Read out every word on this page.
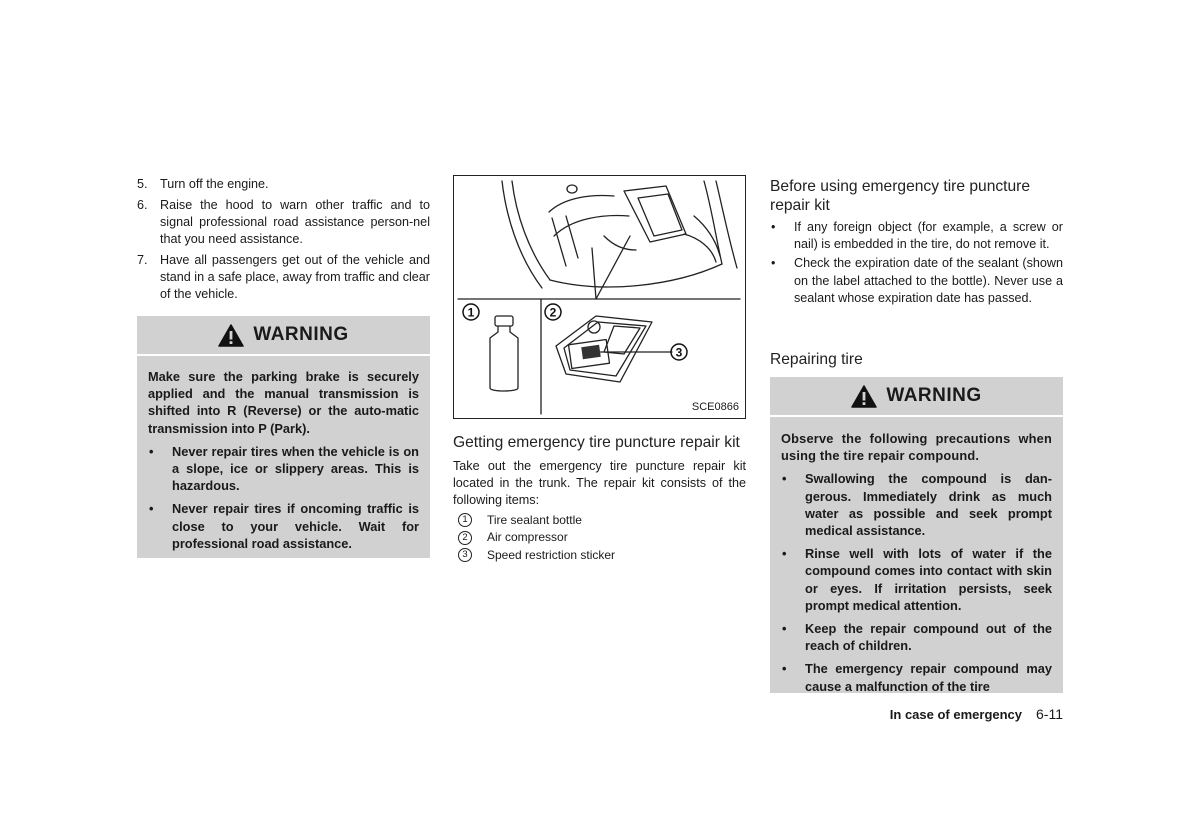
5. Turn off the engine.
6. Raise the hood to warn other traffic and to signal professional road assistance person-nel that you need assistance.
7. Have all passengers get out of the vehicle and stand in a safe place, away from traffic and clear of the vehicle.
WARNING

Make sure the parking brake is securely applied and the manual transmission is shifted into R (Reverse) or the auto-matic transmission into P (Park).

•	Never repair tires when the vehicle is on a slope, ice or slippery areas. This is hazardous.
•	Never repair tires if oncoming traffic is close to your vehicle. Wait for professional road assistance.
1	2
3
SCE0866
Getting emergency tire puncture repair kit
Take out the emergency tire puncture repair kit located in the trunk. The repair kit consists of the following items:
1	Tire sealant bottle
2	Air compressor
3	Speed restriction sticker
Before using emergency tire puncture repair kit
•	If any foreign object (for example, a screw or nail) is embedded in the tire, do not remove it.
•	Check the expiration date of the sealant (shown on the label attached to the bottle). Never use a sealant whose expiration date has passed.
Repairing tire
WARNING

Observe the following precautions when using the tire repair compound.

•	Swallowing the compound is dan-gerous. Immediately drink as much water as possible and seek prompt medical assistance.
•	Rinse well with lots of water if the compound comes into contact with skin or eyes. If irritation persists, seek prompt medical attention.
•	Keep the repair compound out of the reach of children.
•	The emergency repair compound may cause a malfunction of the tire
In case of emergency 6-11
